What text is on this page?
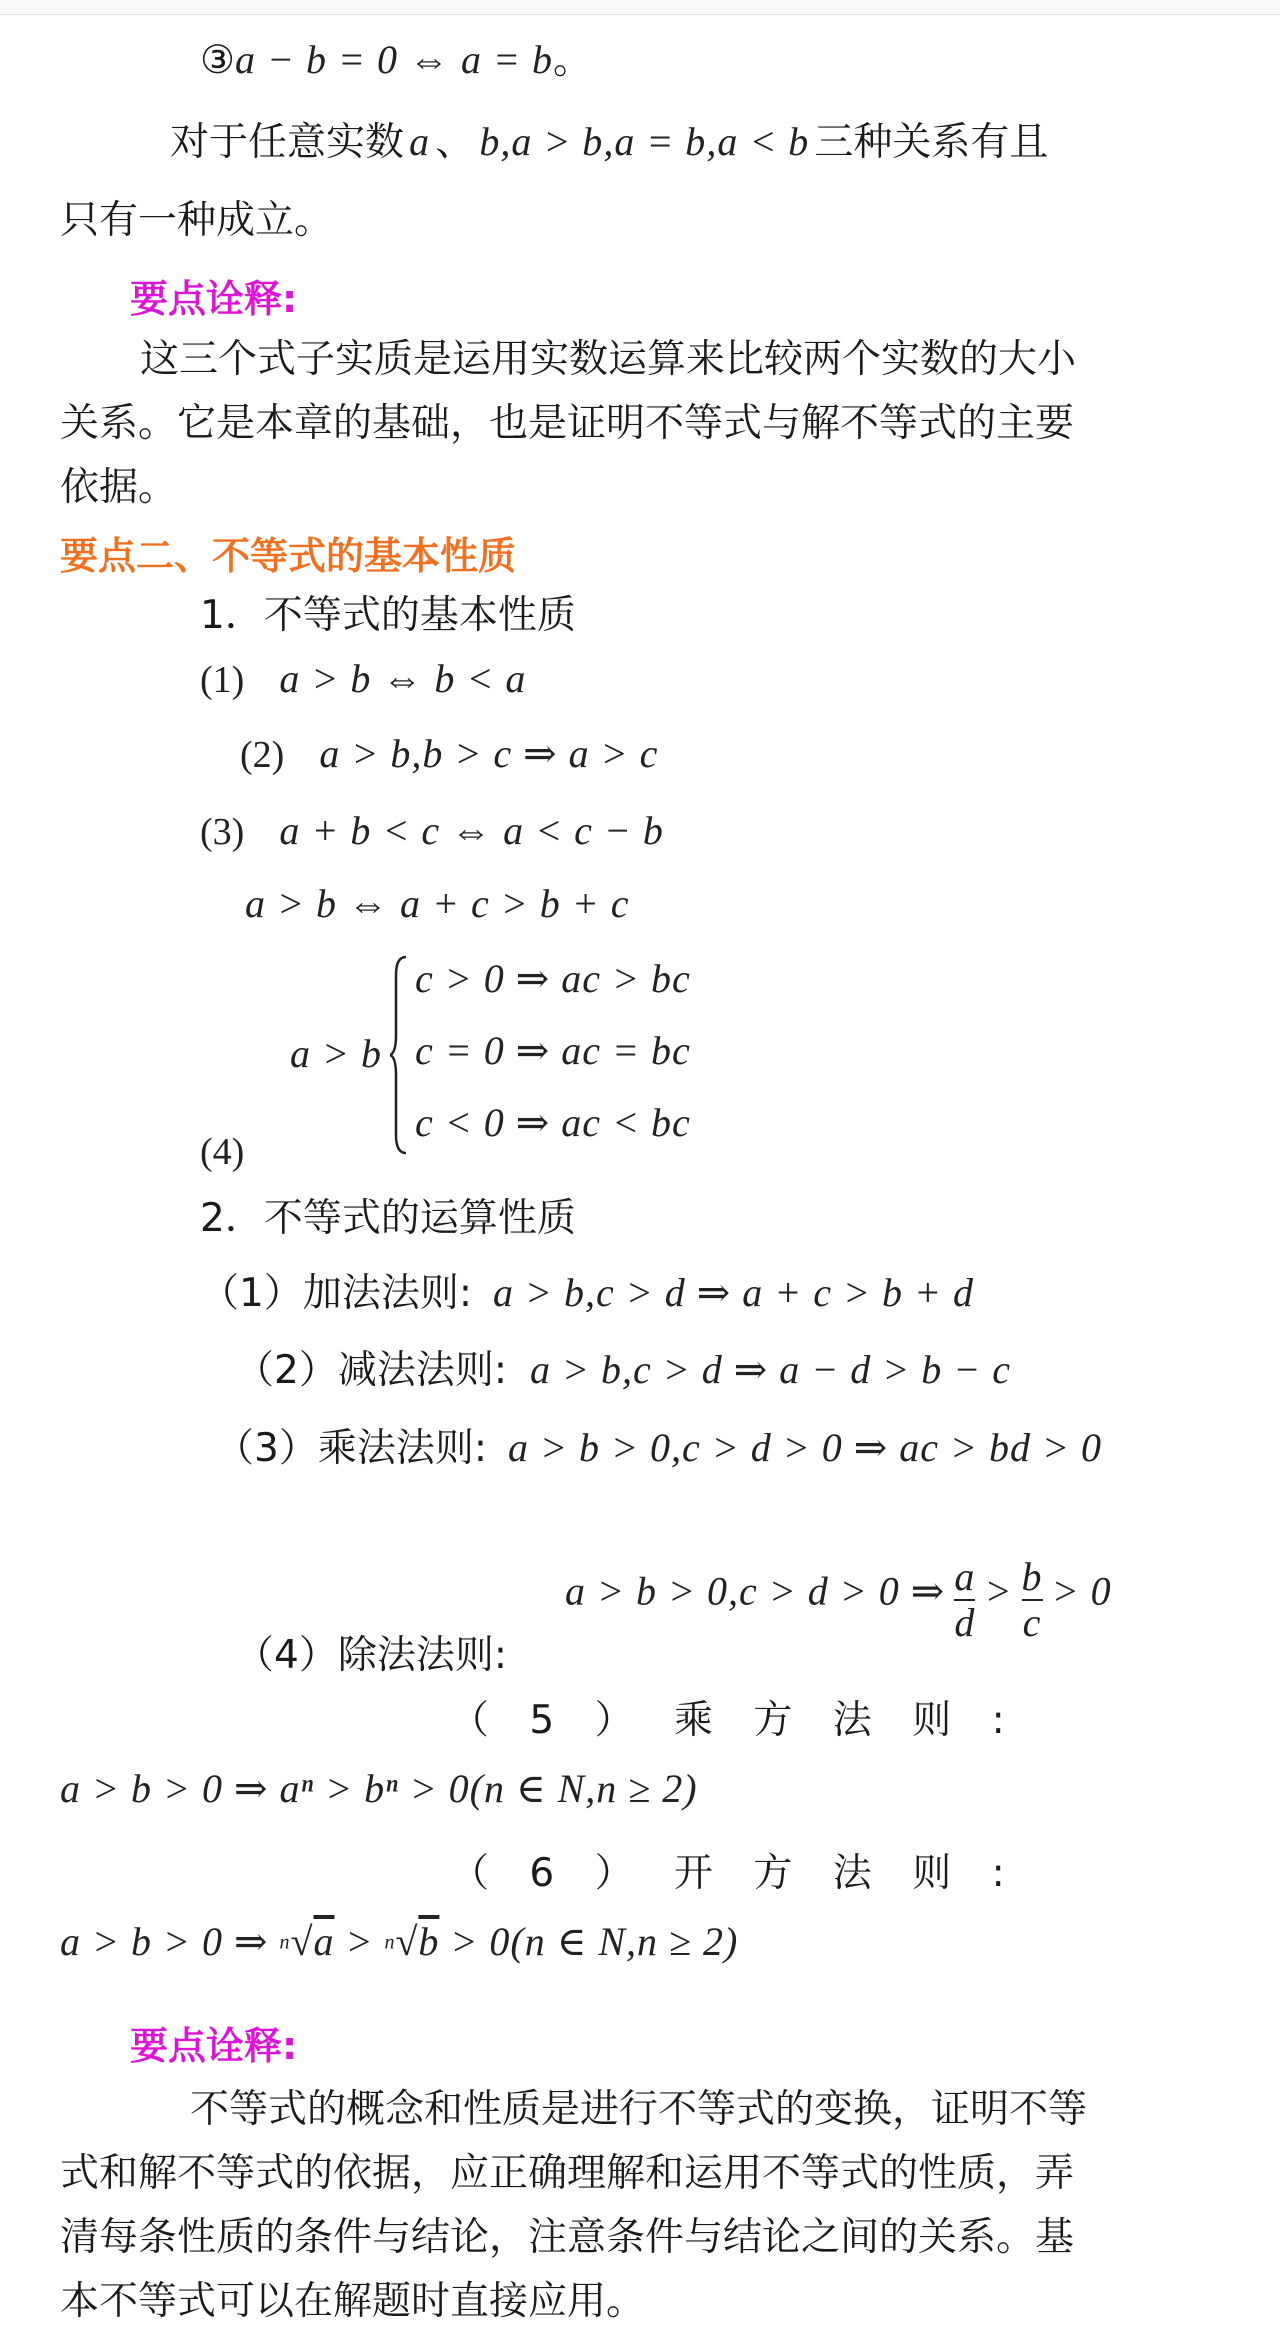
③a − b = 0 ⇔ a = b。
对于任意实数 a 、 b,a > b,a = b,a < b 三种关系有且
只有一种成立。
要点诠释:
这三个式子实质是运用实数运算来比较两个实数的大小
关系。它是本章的基础，也是证明不等式与解不等式的主要
依据。
要点二、不等式的基本性质
1．不等式的基本性质
(1) a > b ⇔ b < a
(2) a > b,b > c ⇒ a > c
(3) a + b < c ⇔ a < c − b
a > b ⇔ a + c > b + c
a > b
c > 0 ⇒ ac > bc
c = 0 ⇒ ac = bc
c < 0 ⇒ ac < bc
(4)
2．不等式的运算性质
（1）加法法则: a > b,c > d ⇒ a + c > b + d
（2）减法法则: a > b,c > d ⇒ a − d > b − c
（3）乘法法则: a > b > 0,c > d > 0 ⇒ ac > bd > 0
a > b > 0,c > d > 0 ⇒ $\frac{a}{d} > \frac{b}{c} > 0$
（4）除法法则:
（ 5 ） 乘 方 法 则 :
a > b > 0 ⇒ aⁿ > bⁿ > 0(n ∈ N,n ≥ 2)
（ 6 ） 开 方 法 则 :
a > b > 0 ⇒ $^n$√a > $^n$√b > 0(n ∈ N,n ≥ 2)
要点诠释:
不等式的概念和性质是进行不等式的变换，证明不等
式和解不等式的依据，应正确理解和运用不等式的性质，弄
清每条性质的条件与结论，注意条件与结论之间的关系。基
本不等式可以在解题时直接应用。
